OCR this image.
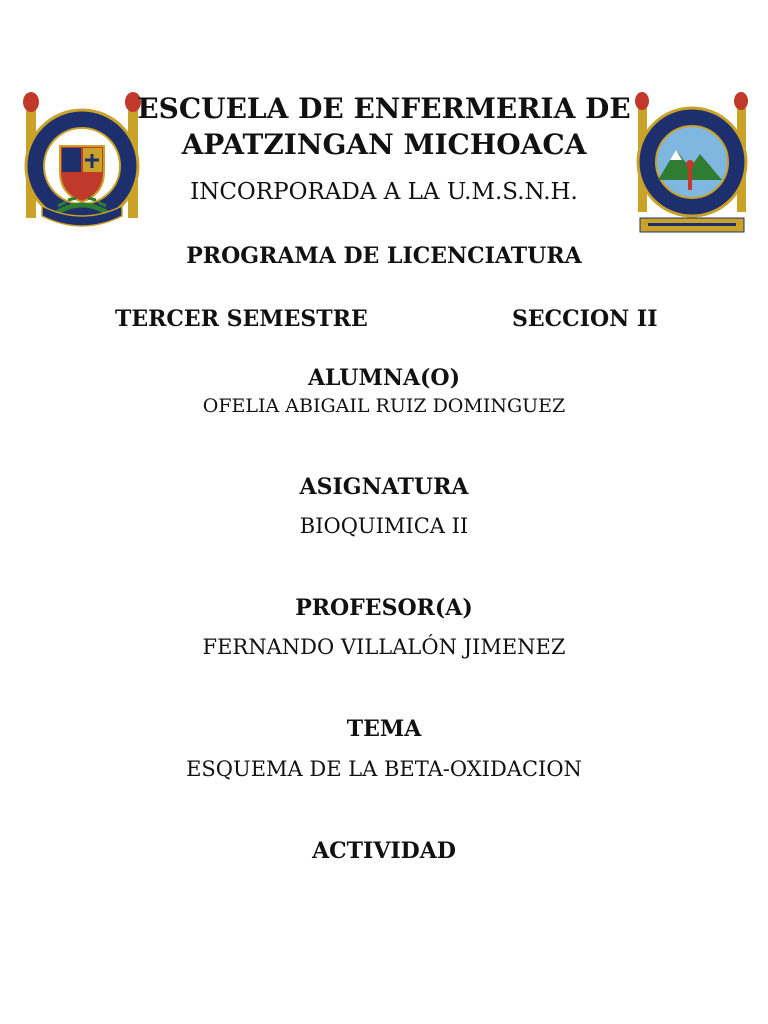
ESCUELA DE ENFERMERIA DE
APATZINGAN MICHOACA
INCORPORADA A LA U.M.S.N.H.
PROGRAMA DE LICENCIATURA
TERCER SEMESTRE	SECCION II
ALUMNA(O)
OFELIA ABIGAIL RUIZ DOMINGUEZ
ASIGNATURA
BIOQUIMICA II
PROFESOR(A)
FERNANDO VILLALÓN JIMENEZ
TEMA
ESQUEMA DE LA BETA-OXIDACION
ACTIVIDAD
